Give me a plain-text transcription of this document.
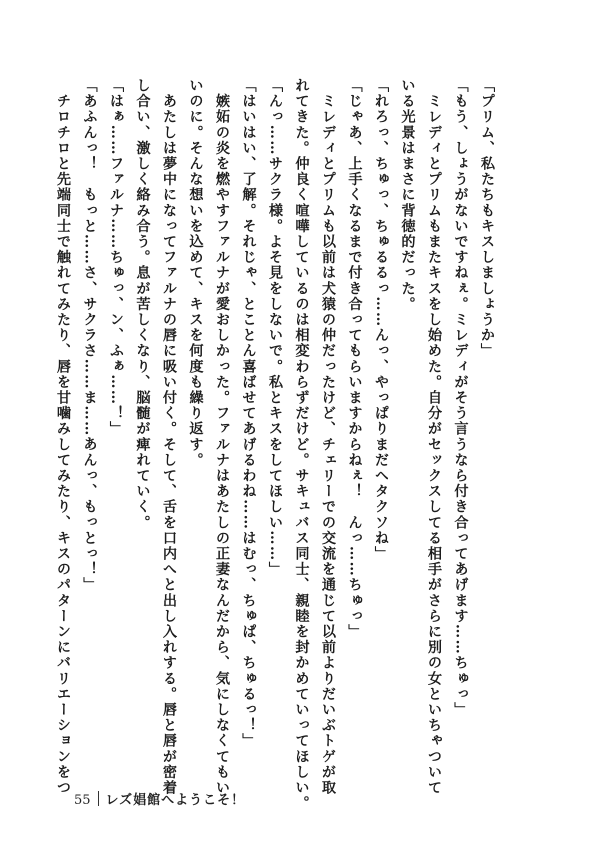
「プリム、私たちもキスしましょうか」
「もう、しょうがないですねぇ。ミレディがそう言うなら付き合ってあげます……ちゅっ」
　ミレディとプリムもまたキスをし始めた。自分がセックスしてる相手がさらに別の女といちゃついて
いる光景はまさに背徳的だった。
「れろっ、ちゅっ、ちゅるるっ……んっ、やっぱりまだヘタクソね」
「じゃあ、上手くなるまで付き合ってもらいますからねぇ！　んっ……ちゅっ」
　ミレディとプリムも以前は犬猿の仲だったけど、チェリーでの交流を通じて以前よりだいぶトゲが取
れてきた。仲良く喧嘩しているのは相変わらずだけど。サキュバス同士、親睦を封かめていってほしい。
「んっ……サクラ様。よそ見をしないで。私とキスをしてほしい……」
「はいはい、了解。それじゃ、とことん喜ばせてあげるわね……はむっ、ちゅぱ、ちゅるっ！」
　嫉妬の炎を燃やすファルナが愛おしかった。ファルナはあたしの正妻なんだから、気にしなくてもい
いのに。そんな想いを込めて、キスを何度も繰り返す。
　あたしは夢中になってファルナの唇に吸い付く。そして、舌を口内へと出し入れする。唇と唇が密着
し合い、激しく絡み合う。息が苦しくなり、脳髄が痺れていく。
「はぁ……ファルナ……ちゅっ、ン、ふぁ……！」
「あふんっ！　もっと……さ、サクラさ……ま……あんっ、もっとっ！」
　チロチロと先端同士で触れてみたり、唇を甘噛みしてみたり、キスのパターンにバリエーションをつ
55 レズ娼館へようこそ！
